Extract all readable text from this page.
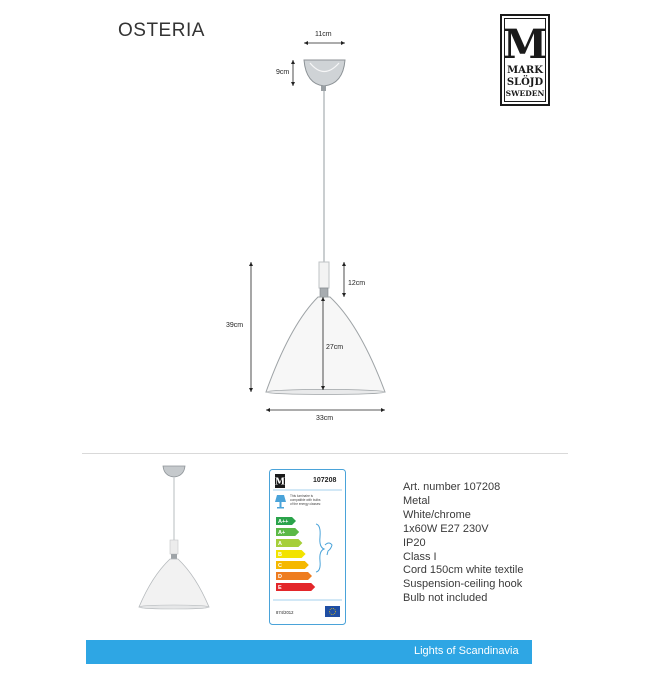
OSTERIA	M
MARK
SLÖJD
SWEDEN
11cm
9cm
12cm
39cm
27cm
33cm
M	107208
This luminaire is compatible with bulbs of the energy classes:
A++
A+
A
B
C
D
E
874/2012
Art. number 107208
Metal
White/chrome
1x60W E27 230V
IP20
Class I
Cord 150cm white textile
Suspension-ceiling hook
Bulb not included
Lights of Scandinavia
